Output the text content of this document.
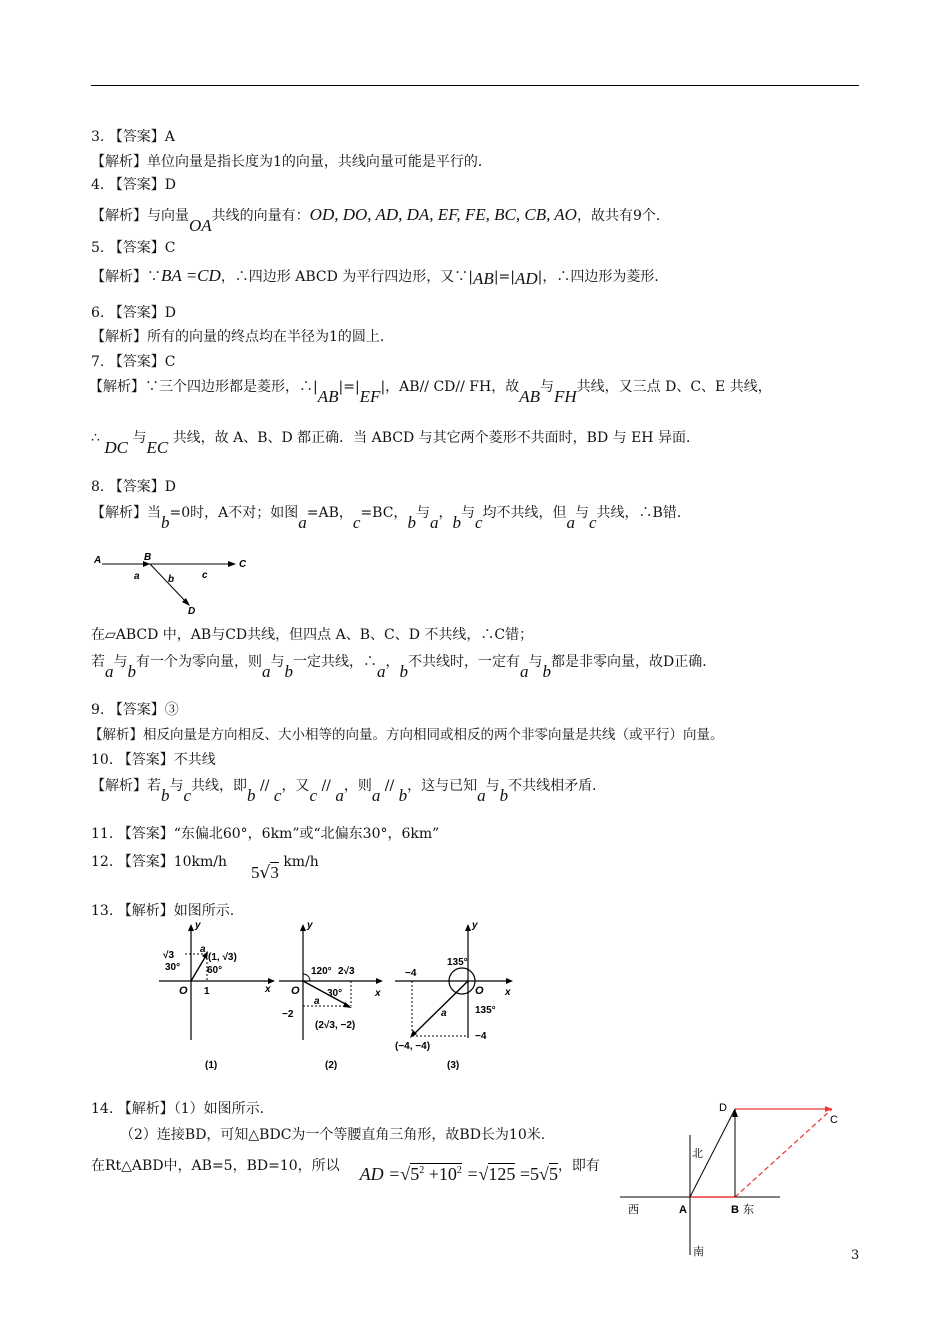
3. 【答案】A
【解析】单位向量是指长度为1的向量，共线向量可能是平行的．
4. 【答案】D
【解析】与向量OA共线的向量有：OD, DO, AD, DA, EF, FE, BC, CB, AO，故共有9个．
5. 【答案】C
【解析】∵BA =CD，∴四边形 ABCD 为平行四边形，又∵|AB|=|AD|，∴四边形为菱形．
6. 【答案】D
【解析】所有的向量的终点均在半径为1的圆上．
7. 【答案】C
【解析】∵三个四边形都是菱形，∴|AB|=|EF|，AB// CD// FH，故AB与FH共线，又三点 D、C、E 共线，
∴ DC 与EC 共线，故 A、B、D 都正确．当 ABCD 与其它两个菱形不共面时，BD 与 EH 异面．
8. 【答案】D
【解析】当b=0时，A不对；如图a=AB，c=BC，b与a，b与c均不共线，但a与c共线，∴B错．
A	B
C
D
a	b	c
在▱ABCD 中，AB与CD共线，但四点 A、B、C、D 不共线，∴C错；
若a与b有一个为零向量，则a与b一定共线，∴a，b不共线时，一定有a与b都是非零向量，故D正确．
9. 【答案】③
【解析】相反向量是方向相反、大小相等的向量。方向相同或相反的两个非零向量是共线（或平行）向量。
10. 【答案】不共线
【解析】若b与c共线，即b // c，又c // a，则a // b，这与已知a与b不共线相矛盾．
11. 【答案】“东偏北60°，6km”或“北偏东30°，6km”
12. 【答案】10km/h5√3 km/h
13. 【解析】如图所示.
y
x
O 1
√3
a
(1, √3)
30°	60°
(1)
y
x
O
−2
2√3
a
(2√3, −2)
120°
30°
(2)
y
x
O
−4
−4
a
(−4, −4)
135°
135°
(3)
14. 【解析】（1）如图所示.
（2）连接BD，可知△BDC为一个等腰直角三角形，故BD长为10米.
在Rt△ABD中，AB=5，BD=10，所以 AD $=√5^2 +10^2 =√125 =5√5$，即有
D
C
北
西	A	B 东
南	3
